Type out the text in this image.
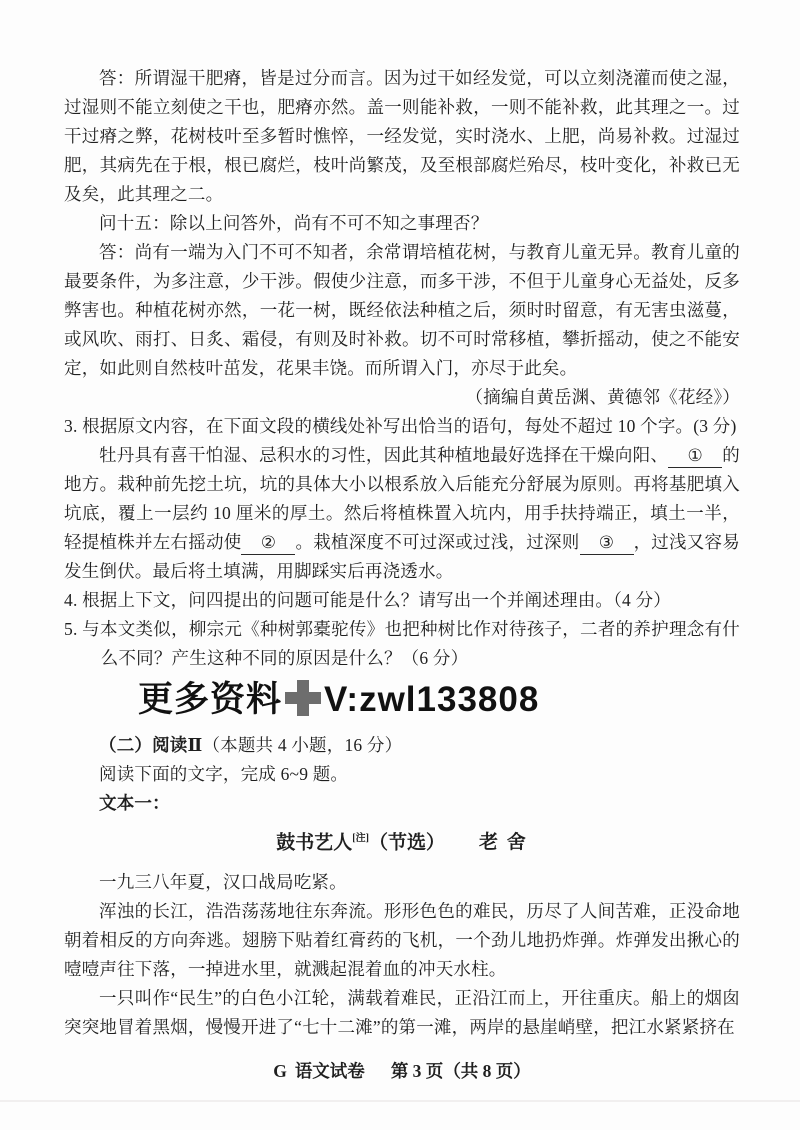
答：所谓湿干肥瘠，皆是过分而言。因为过干如经发觉，可以立刻浇灌而使之湿，过湿则不能立刻使之干也，肥瘠亦然。盖一则能补救，一则不能补救，此其理之一。过干过瘠之弊，花树枝叶至多暂时憔悴，一经发觉，实时浇水、上肥，尚易补救。过湿过肥，其病先在于根，根已腐烂，枝叶尚繁茂，及至根部腐烂殆尽，枝叶变化，补救已无及矣，此其理之二。

问十五：除以上问答外，尚有不可不知之事理否？

答：尚有一端为入门不可不知者，余常谓培植花树，与教育儿童无异。教育儿童的最要条件，为多注意，少干涉。假使少注意，而多干涉，不但于儿童身心无益处，反多弊害也。种植花树亦然，一花一树，既经依法种植之后，须时时留意，有无害虫滋蔓，或风吹、雨打、日炙、霜侵，有则及时补救。切不可时常移植，攀折摇动，使之不能安定，如此则自然枝叶茁发，花果丰饶。而所谓入门，亦尽于此矣。

（摘编自黄岳渊、黄德邻《花经》）

3. 根据原文内容，在下面文段的横线处补写出恰当的语句，每处不超过 10 个字。(3 分)

牡丹具有喜干怕湿、忌积水的习性，因此其种植地最好选择在干燥向阳、 ① 的地方。栽种前先挖土坑，坑的具体大小以根系放入后能充分舒展为原则。再将基肥填入坑底，覆上一层约 10 厘米的厚土。然后将植株置入坑内，用手扶持端正，填土一半，轻提植株并左右摇动使 ② 。栽植深度不可过深或过浅，过深则 ③ ，过浅又容易发生倒伏。最后将土填满，用脚踩实后再浇透水。

4. 根据上下文，问四提出的问题可能是什么？请写出一个并阐述理由。（4 分）

5. 与本文类似，柳宗元《种树郭橐驼传》也把种树比作对待孩子，二者的养护理念有什么不同？产生这种不同的原因是什么？（6 分）

更多资料 V:zwl133808

（二）阅读Ⅱ（本题共 4 小题，16 分）

阅读下面的文字，完成 6~9 题。

文本一：

鼓书艺人[注]（节选） 老 舍

一九三八年夏，汉口战局吃紧。

浑浊的长江，浩浩荡荡地往东奔流。形形色色的难民，历尽了人间苦难，正没命地朝着相反的方向奔逃。翅膀下贴着红膏药的飞机，一个劲儿地扔炸弹。炸弹发出揪心的噎噎声往下落，一掉进水里，就溅起混着血的冲天水柱。

一只叫作“民生”的白色小江轮，满载着难民，正沿江而上，开往重庆。船上的烟囱突突地冒着黑烟，慢慢开进了“七十二滩”的第一滩，两岸的悬崖峭壁，把江水紧紧挤在

G 语文试卷 第 3 页（共 8 页）
